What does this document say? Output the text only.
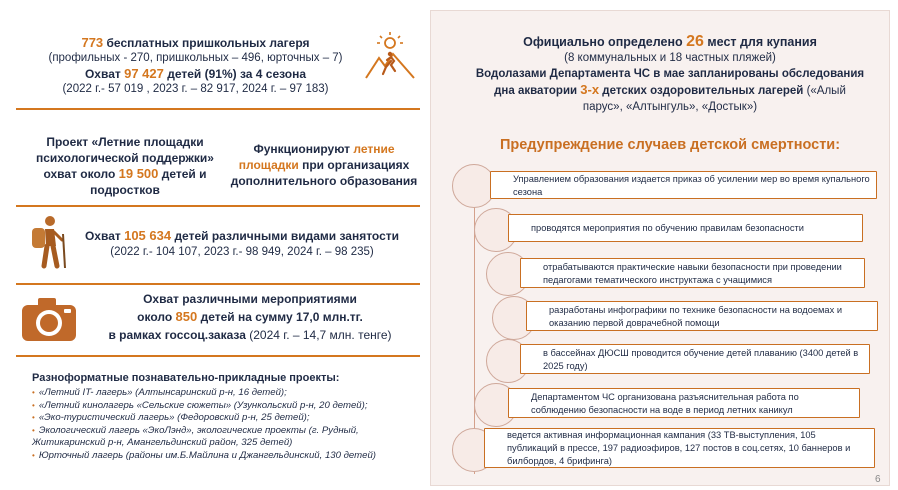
773 бесплатных пришкольных лагеря
(профильных - 270, пришкольных – 496, юрточных – 7)
Охват 97 427 детей (91%) за 4 сезона
(2022 г.- 57 019 , 2023 г. – 82 917, 2024 г. – 97 183)
Проект «Летние площадки
психологической поддержки»
охват около 19 500 детей и
подростков
Функционируют летние
площадки при организациях
дополнительного образования
Охват 105 634 детей различными видами занятости
(2022 г.- 104 107, 2023 г.- 98 949, 2024 г. – 98 235)
Охват различными мероприятиями
около 850 детей на сумму 17,0 млн.тг.
в рамках госсоц.заказа (2024 г. – 14,7 млн. тенге)
Разноформатные познавательно-прикладные проекты:
• «Летний IT- лагерь» (Алтынсаринский р-н, 16 детей);
• «Летний кинолагерь «Сельские сюжеты» (Узункольский р-н, 20 детей);
• «Эко-туристический лагерь» (Федоровский р-н, 25 детей);
• Экологический лагерь «ЭкоЛэнд», экологические проекты (г. Рудный, Житикаринский р-н, Амангельдинский район, 325 детей)
• Юрточный лагерь (районы им.Б.Майлина и Джангельдинский, 130 детей)
Официально определено 26 мест для купания
(8 коммунальных и 18 частных пляжей)
Водолазами Департамента ЧС в мае запланированы обследования
дна акватории 3-х детских оздоровительных лагерей («Алый
парус», «Алтынгуль», «Достык»)
Предупреждение случаев детской смертности:
Управлением образования издается приказ об усилении мер во время купального сезона
проводятся мероприятия по обучению правилам безопасности
отрабатываются практические навыки безопасности при проведении педагогами тематического инструктажа с учащимися
разработаны инфографики по технике безопасности на водоемах и оказанию первой доврачебной помощи
в бассейнах ДЮСШ проводится обучение детей плаванию (3400 детей в 2025 году)
Департаментом ЧС организована разъяснительная работа по соблюдению безопасности на воде в период летних каникул
ведется активная информационная кампания (33 ТВ-выступления, 105 публикаций в прессе, 197 радиоэфиров, 127 постов в соц.сетях, 10 баннеров и билбордов, 4 брифинга)
6
